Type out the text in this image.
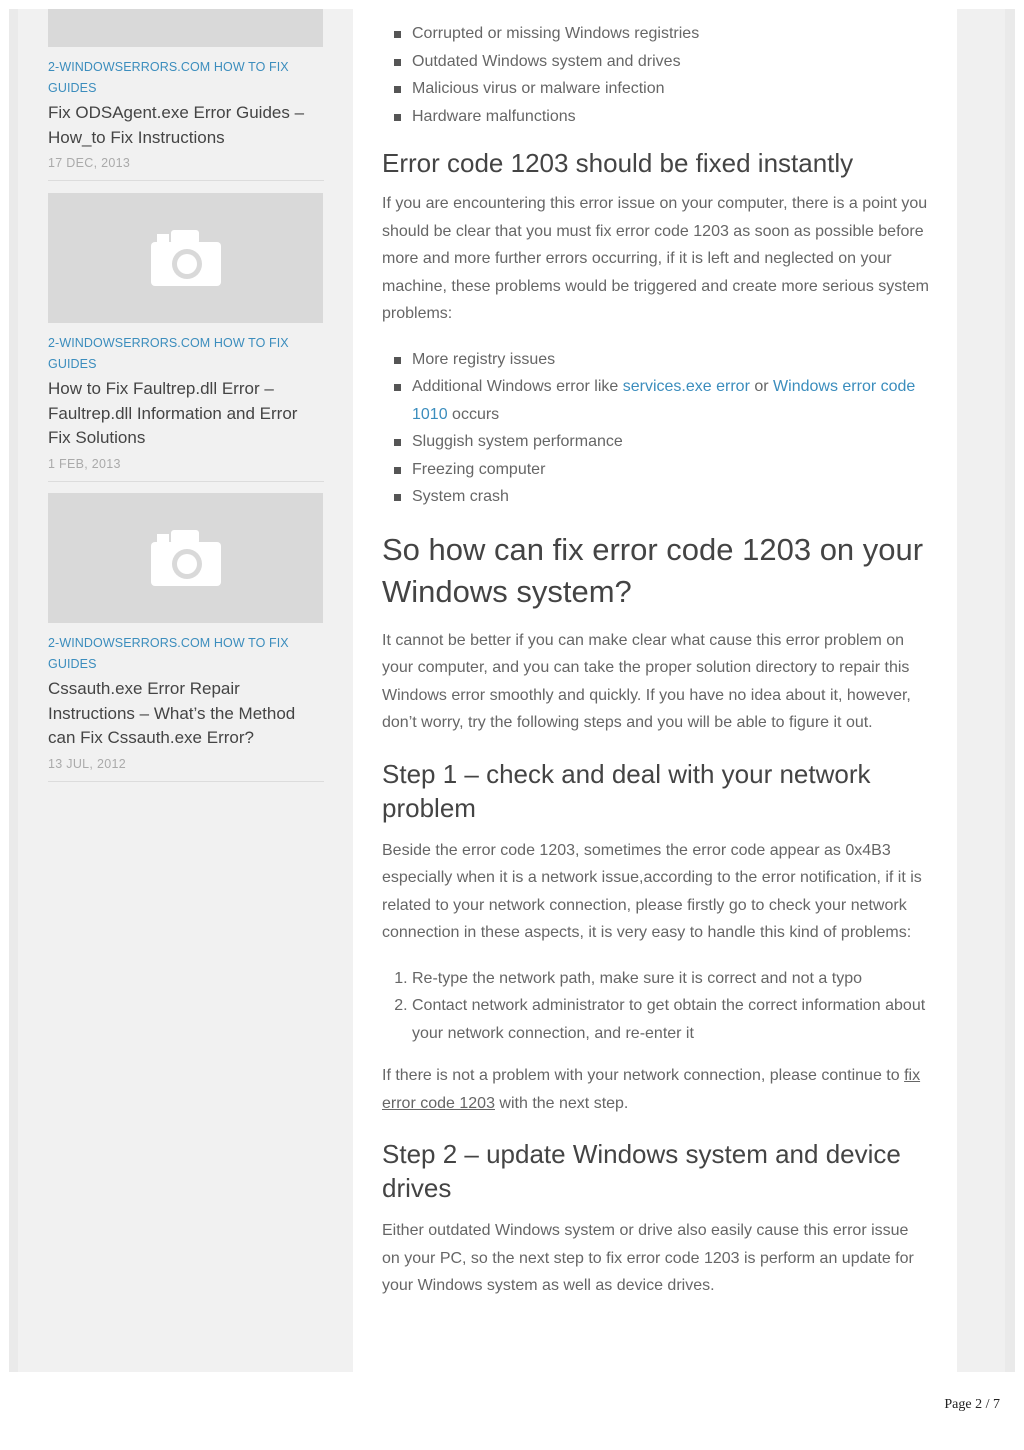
2-WINDOWSERRORS.COM HOW TO FIX GUIDES
Fix ODSAgent.exe Error Guides – How_to Fix Instructions
17 DEC, 2013
2-WINDOWSERRORS.COM HOW TO FIX GUIDES
How to Fix Faultrep.dll Error – Faultrep.dll Information and Error Fix Solutions
1 FEB, 2013
2-WINDOWSERRORS.COM HOW TO FIX GUIDES
Cssauth.exe Error Repair Instructions – What’s the Method can Fix Cssauth.exe Error?
13 JUL, 2012
Corrupted or missing Windows registries
Outdated Windows system and drives
Malicious virus or malware infection
Hardware malfunctions
Error code 1203 should be fixed instantly

If you are encountering this error issue on your computer, there is a point you should be clear that you must fix error code 1203 as soon as possible before more and more further errors occurring, if it is left and neglected on your machine, these problems would be triggered and create more serious system problems:

More registry issues
Additional Windows error like services.exe error or Windows error code 1010 occurs
Sluggish system performance
Freezing computer
System crash
So how can fix error code 1203 on your Windows system?

It cannot be better if you can make clear what cause this error problem on your computer, and you can take the proper solution directory to repair this Windows error smoothly and quickly. If you have no idea about it, however, don’t worry, try the following steps and you will be able to figure it out.

Step 1 – check and deal with your network problem

Beside the error code 1203, sometimes the error code appear as 0x4B3 especially when it is a network issue,according to the error notification, if it is related to your network connection, please firstly go to check your network connection in these aspects, it is very easy to handle this kind of problems:

1. Re-type the network path, make sure it is correct and not a typo
2. Contact network administrator to get obtain the correct information about your network connection, and re-enter it

If there is not a problem with your network connection, please continue to fix error code 1203 with the next step.

Step 2 – update Windows system and device drives

Either outdated Windows system or drive also easily cause this error issue on your PC, so the next step to fix error code 1203 is perform an update for your Windows system as well as device drives.

Page 2 / 7
